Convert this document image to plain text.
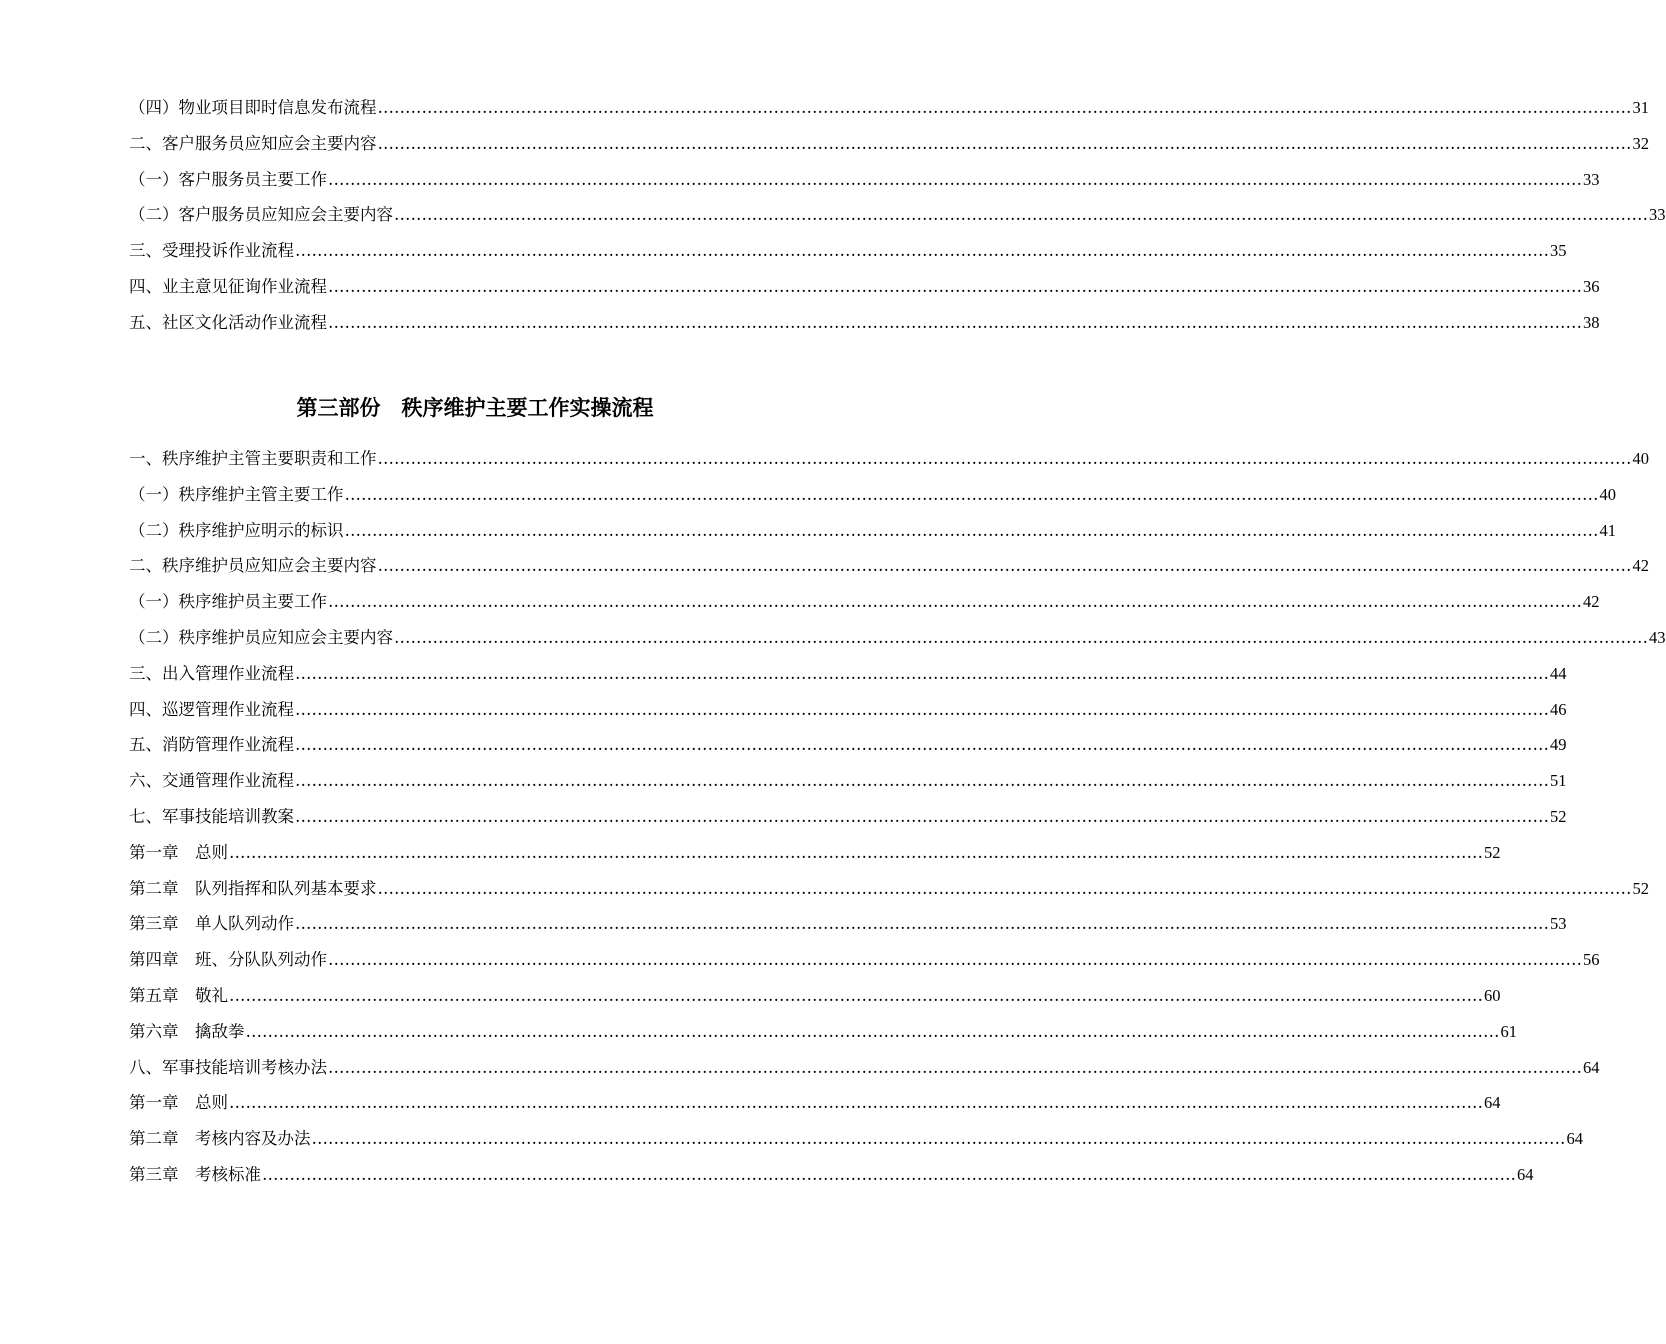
（四）物业项目即时信息发布流程 ………………………………………………………………………………………………………………………………………………………………………………………………………… 31
二、客户服务员应知应会主要内容 ………………………………………………………………………………………………………………………………………………………………………………………………………… 32
（一）客户服务员主要工作 ………………………………………………………………………………………………………………………………………………………………………………………………………… 33
（二）客户服务员应知应会主要内容 ………………………………………………………………………………………………………………………………………………………………………………………………………… 33
三、受理投诉作业流程 ………………………………………………………………………………………………………………………………………………………………………………………………………… 35
四、业主意见征询作业流程 ………………………………………………………………………………………………………………………………………………………………………………………………………… 36
五、社区文化活动作业流程 ………………………………………………………………………………………………………………………………………………………………………………………………………… 38
第三部份　秩序维护主要工作实操流程
一、秩序维护主管主要职责和工作 ………………………………………………………………………………………………………………………………………………………………………………………………………… 40
（一）秩序维护主管主要工作 ………………………………………………………………………………………………………………………………………………………………………………………………………… 40
（二）秩序维护应明示的标识 ………………………………………………………………………………………………………………………………………………………………………………………………………… 41
二、秩序维护员应知应会主要内容 ………………………………………………………………………………………………………………………………………………………………………………………………………… 42
（一）秩序维护员主要工作 ………………………………………………………………………………………………………………………………………………………………………………………………………… 42
（二）秩序维护员应知应会主要内容 ………………………………………………………………………………………………………………………………………………………………………………………………………… 43
三、出入管理作业流程 ………………………………………………………………………………………………………………………………………………………………………………………………………… 44
四、巡逻管理作业流程 ………………………………………………………………………………………………………………………………………………………………………………………………………… 46
五、消防管理作业流程 ………………………………………………………………………………………………………………………………………………………………………………………………………… 49
六、交通管理作业流程 ………………………………………………………………………………………………………………………………………………………………………………………………………… 51
七、军事技能培训教案 ………………………………………………………………………………………………………………………………………………………………………………………………………… 52
第一章　总则 ………………………………………………………………………………………………………………………………………………………………………………………………………… 52
第二章　队列指挥和队列基本要求 ………………………………………………………………………………………………………………………………………………………………………………………………………… 52
第三章　单人队列动作 ………………………………………………………………………………………………………………………………………………………………………………………………………… 53
第四章　班、分队队列动作 ………………………………………………………………………………………………………………………………………………………………………………………………………… 56
第五章　敬礼 ………………………………………………………………………………………………………………………………………………………………………………………………………… 60
第六章　擒敌拳 ………………………………………………………………………………………………………………………………………………………………………………………………………… 61
八、军事技能培训考核办法 ………………………………………………………………………………………………………………………………………………………………………………………………………… 64
第一章　总则 ………………………………………………………………………………………………………………………………………………………………………………………………………… 64
第二章　考核内容及办法 ………………………………………………………………………………………………………………………………………………………………………………………………………… 64
第三章　考核标准 ………………………………………………………………………………………………………………………………………………………………………………………………………… 64
